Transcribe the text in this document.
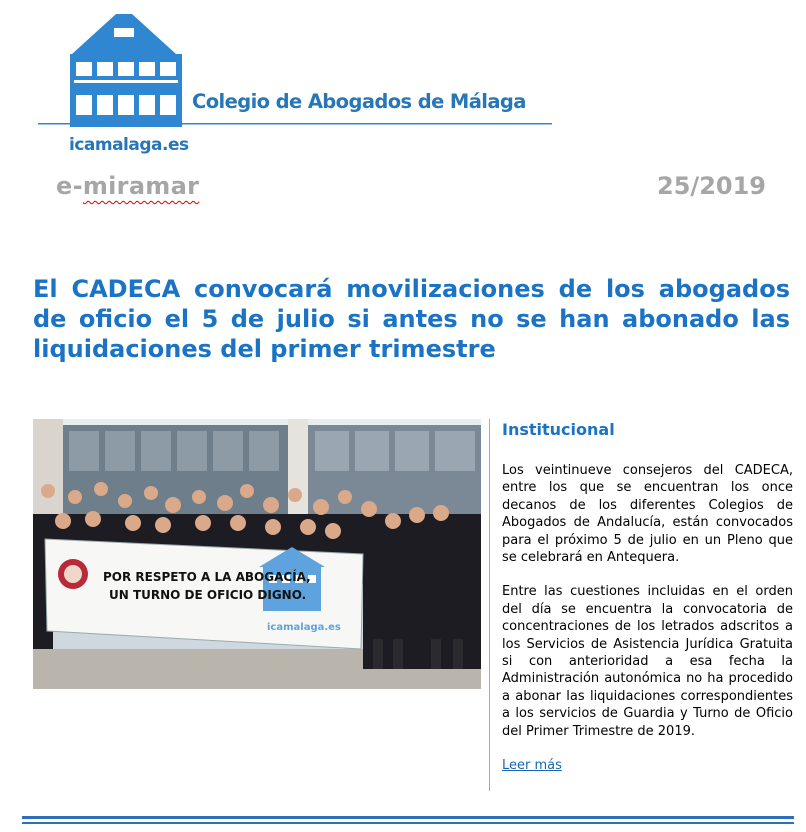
Colegio de Abogados de Málaga
icamalaga.es
e-miramar	25/2019
El CADECA convocará movilizaciones de los abogados de oficio el 5 de julio si antes no se han abonado las liquidaciones del primer trimestre
POR RESPETO A LA ABOGACÍA,
UN TURNO DE OFICIO DIGNO.
icamalaga.es
Institucional

Los veintinueve consejeros del CADECA, entre los que se encuentran los once decanos de los diferentes Colegios de Abogados de Andalucía, están convocados para el próximo 5 de julio en un Pleno que se celebrará en Antequera.

Entre las cuestiones incluidas en el orden del día se encuentra la convocatoria de concentraciones de los letrados adscritos a los Servicios de Asistencia Jurídica Gratuita si con anterioridad a esa fecha la Administración autonómica no ha procedido a abonar las liquidaciones correspondientes a los servicios de Guardia y Turno de Oficio del Primer Trimestre de 2019.

Leer más
